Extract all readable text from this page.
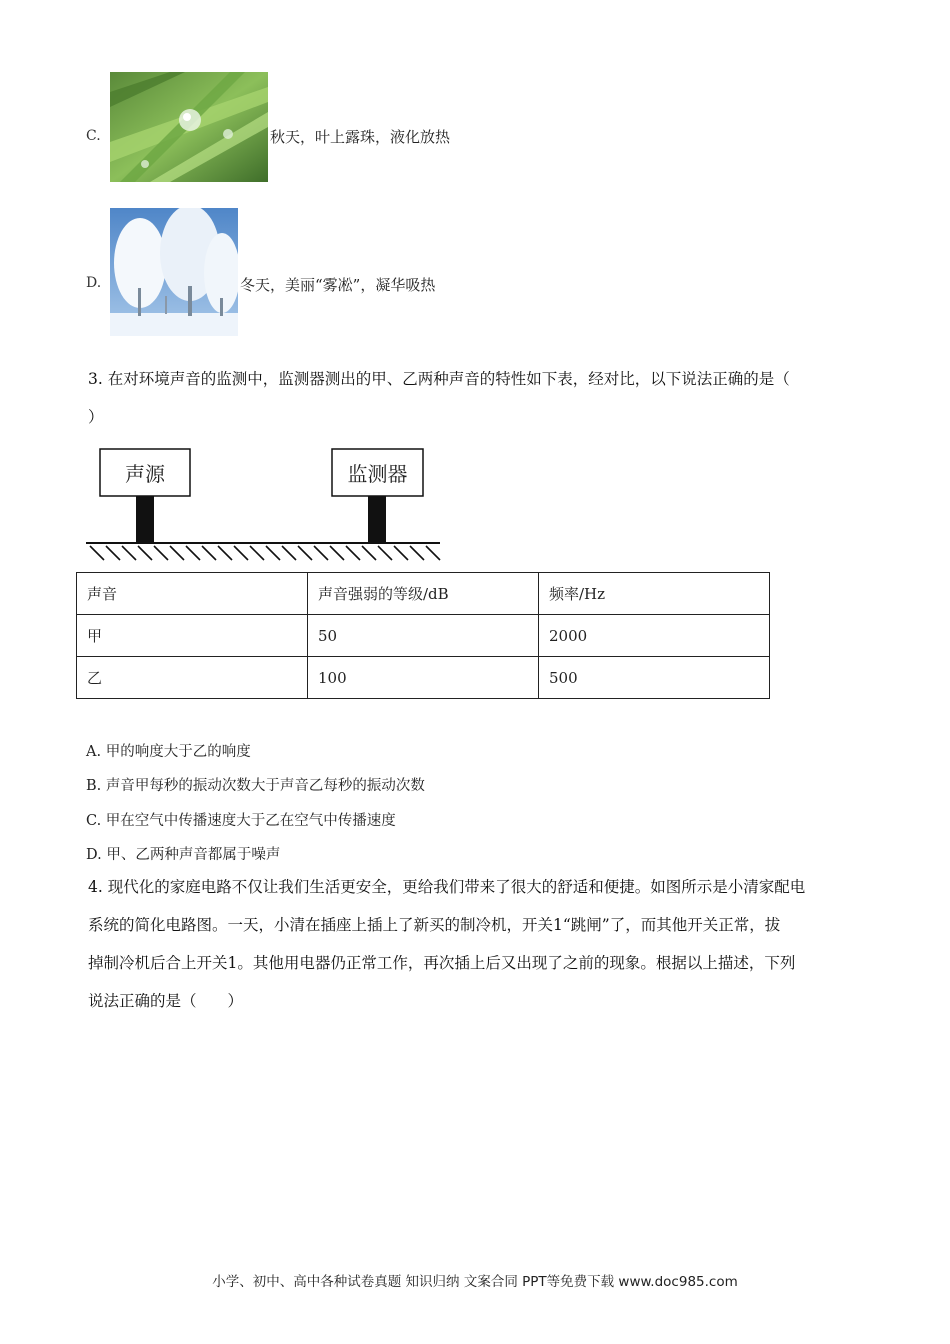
C.	秋天，叶上露珠，液化放热
D.	冬天，美丽“雾凇”，凝华吸热
3. 在对环境声音的监测中，监测器测出的甲、乙两种声音的特性如下表，经对比，以下说法正确的是（
）
声源	监测器
声音	声音强弱的等级/dB	频率/Hz
甲	50	2000
乙	100	500
A. 甲的响度大于乙的响度
B. 声音甲每秒的振动次数大于声音乙每秒的振动次数
C. 甲在空气中传播速度大于乙在空气中传播速度
D. 甲、乙两种声音都属于噪声
4. 现代化的家庭电路不仅让我们生活更安全，更给我们带来了很大的舒适和便捷。如图所示是小清家配电
系统的简化电路图。一天，小清在插座上插上了新买的制冷机，开关1“跳闸”了，而其他开关正常，拔
掉制冷机后合上开关1。其他用电器仍正常工作，再次插上后又出现了之前的现象。根据以上描述，下列
说法正确的是（　　）
小学、初中、高中各种试卷真题 知识归纳 文案合同 PPT等免费下载 www.doc985.com
